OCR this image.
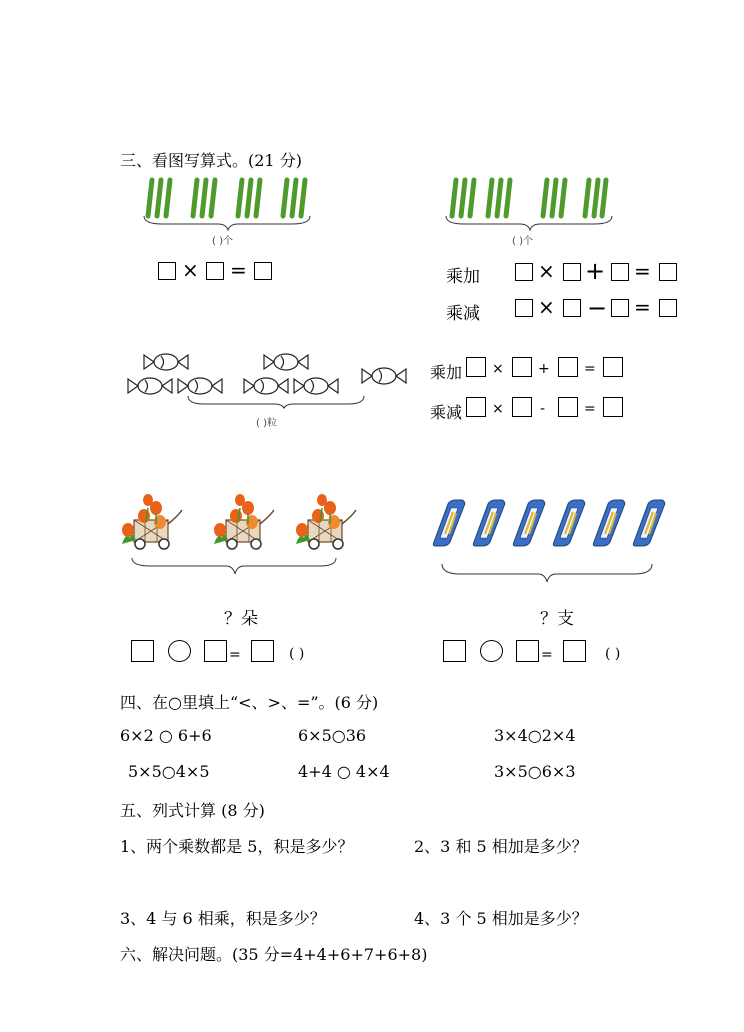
三、看图写算式。(21 分)
( )个	( )个
× =	乘加	× + =
乘减	× − =
( )粒
乘加 × + =
乘减 ×	-	=
？朵	？支
=	( )	=	( )
四、在○里填上“<、>、=”。(6 分)
6×2 ○ 6+6	6×5○36	3×4○2×4
5×5○4×5	4+4 ○ 4×4	3×5○6×3
五、列式计算 (8 分)
1、两个乘数都是 5，积是多少？	2、3 和 5 相加是多少？
3、4 与 6 相乘，积是多少？	4、3 个 5 相加是多少？
六、解决问题。(35 分=4+4+6+7+6+8)
